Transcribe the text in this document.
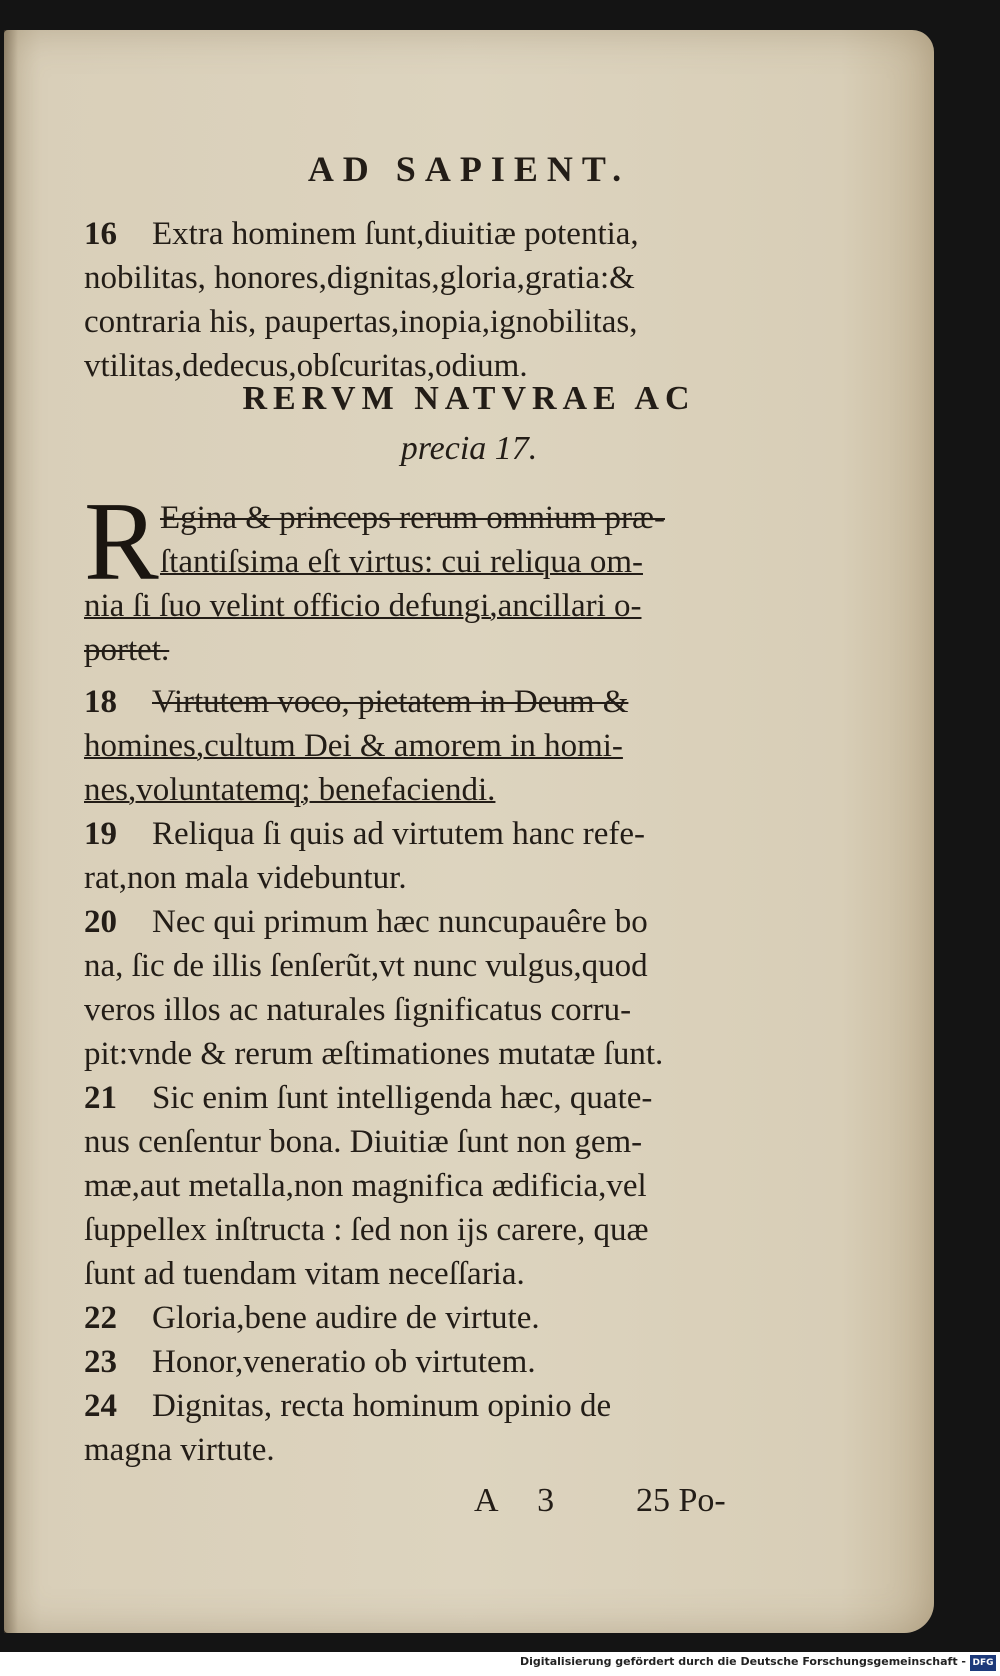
AD SAPIENT.

16 Extra hominem ſunt,diuitiæ potentia,

nobilitas, honores,dignitas,gloria,gratia:&

contraria his, paupertas,inopia,ignobilitas,

vtilitas,dedecus,obſcuritas,odium.

RERVM NATVRAE AC
precia 17.
R Egina & princeps rerum omnium præ-

ſtantiſsima eſt virtus: cui reliqua om-

nia ſi ſuo velint officio defungi,ancillari o-

portet.

18 Virtutem voco, pietatem in Deum &

homines,cultum Dei & amorem in homi-

nes,voluntatemq; benefaciendi.

19 Reliqua ſi quis ad virtutem hanc refe-

rat,non mala videbuntur.

20 Nec qui primum hæc nuncupauêre bo

na, ſic de illis ſenſerũt,vt nunc vulgus,quod

veros illos ac naturales ſignificatus corru-

pit:vnde & rerum æſtimationes mutatæ ſunt.

21 Sic enim ſunt intelligenda hæc, quate-

nus cenſentur bona. Diuitiæ ſunt non gem-

mæ,aut metalla,non magnifica ædificia,vel

ſuppellex inſtructa : ſed non ijs carere, quæ

ſunt ad tuendam vitam neceſſaria.

22 Gloria,bene audire de virtute.

23 Honor,veneratio ob virtutem.

24 Dignitas, recta hominum opinio de

magna virtute.

A 3 25 Po-
Digitalisierung gefördert durch die Deutsche Forschungsgemeinschaft - DFG
